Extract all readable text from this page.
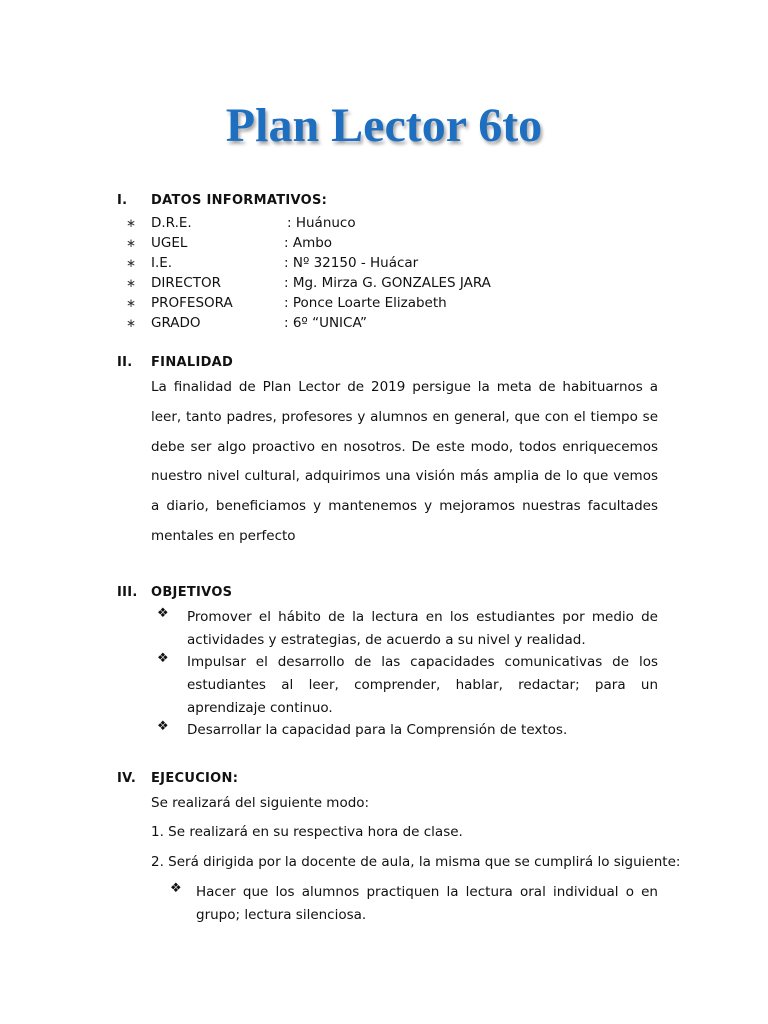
Plan Lector 6to
I. DATOS INFORMATIVOS:
∗ D.R.E.	: Huánuco
∗ UGEL	: Ambo
∗ I.E.	: Nº 32150 - Huácar
∗ DIRECTOR	: Mg. Mirza G. GONZALES JARA
∗ PROFESORA	: Ponce Loarte Elizabeth
∗ GRADO	: 6º “UNICA”
II. FINALIDAD

La finalidad de Plan Lector de 2019 persigue la meta de habituarnos a leer, tanto padres, profesores y alumnos en general, que con el tiempo se debe ser algo proactivo en nosotros. De este modo, todos enriquecemos nuestro nivel cultural, adquirimos una visión más amplia de lo que vemos a diario, beneficiamos y mantenemos y mejoramos nuestras facultades mentales en perfecto

III. OBJETIVOS
❖	Promover el hábito de la lectura en los estudiantes por medio de actividades y estrategias, de acuerdo a su nivel y realidad.

❖	Impulsar el desarrollo de las capacidades comunicativas de los estudiantes al leer, comprender, hablar, redactar; para un aprendizaje continuo.

❖	Desarrollar la capacidad para la Comprensión de textos.

IV. EJECUCION:
Se realizará del siguiente modo:
1. Se realizará en su respectiva hora de clase.
2. Será dirigida por la docente de aula, la misma que se cumplirá lo siguiente:
❖	Hacer que los alumnos practiquen la lectura oral individual o en grupo; lectura silenciosa.
